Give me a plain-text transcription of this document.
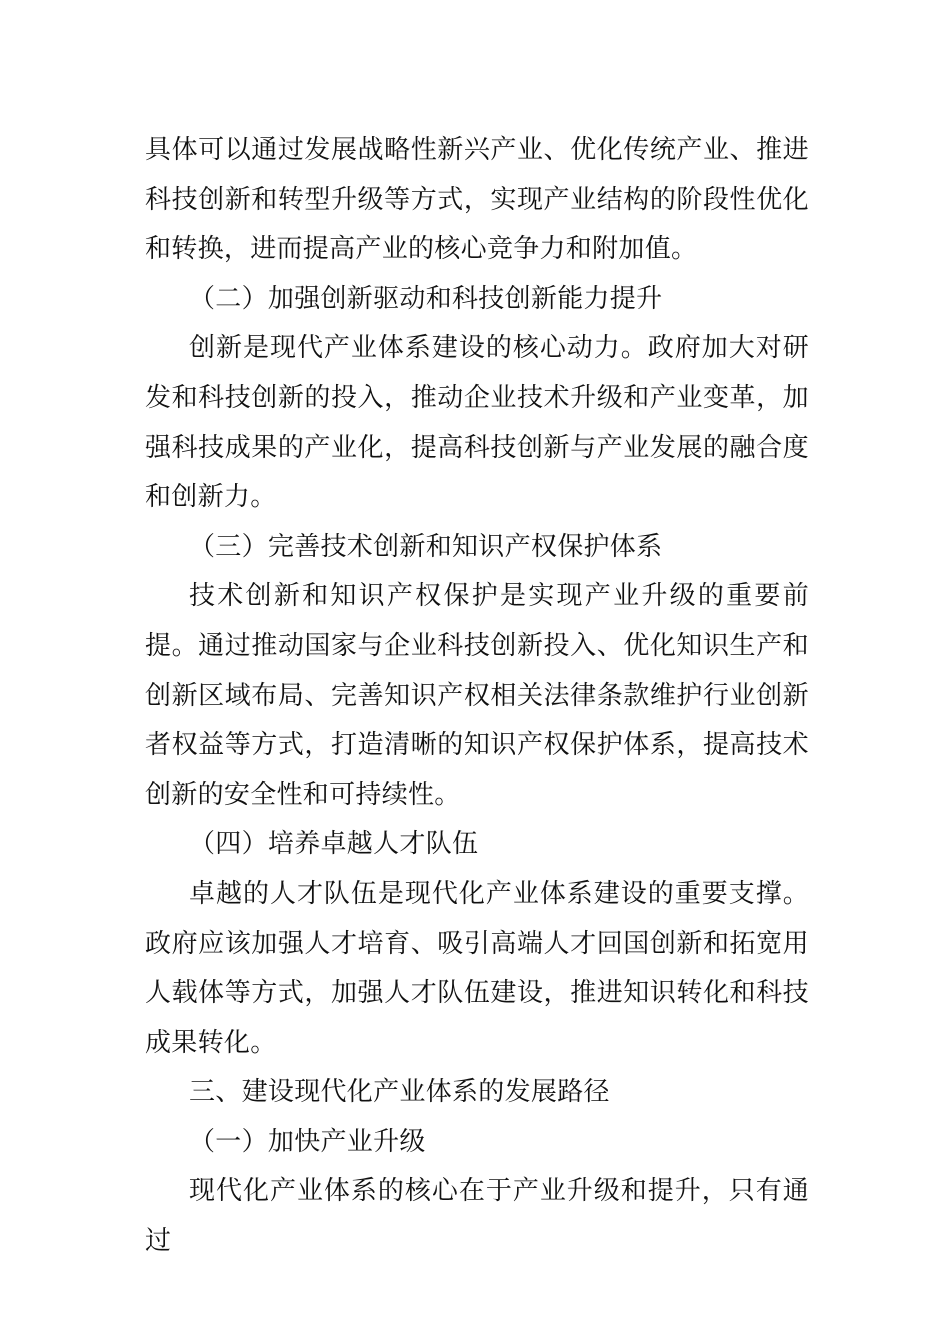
具体可以通过发展战略性新兴产业、优化传统产业、推进科技创新和转型升级等方式，实现产业结构的阶段性优化和转换，进而提高产业的核心竞争力和附加值。

（二）加强创新驱动和科技创新能力提升

创新是现代产业体系建设的核心动力。政府加大对研发和科技创新的投入，推动企业技术升级和产业变革，加强科技成果的产业化，提高科技创新与产业发展的融合度和创新力。

（三）完善技术创新和知识产权保护体系

技术创新和知识产权保护是实现产业升级的重要前提。通过推动国家与企业科技创新投入、优化知识生产和创新区域布局、完善知识产权相关法律条款维护行业创新者权益等方式，打造清晰的知识产权保护体系，提高技术创新的安全性和可持续性。

（四）培养卓越人才队伍

卓越的人才队伍是现代化产业体系建设的重要支撑。政府应该加强人才培育、吸引高端人才回国创新和拓宽用人载体等方式，加强人才队伍建设，推进知识转化和科技成果转化。

三、建设现代化产业体系的发展路径

（一）加快产业升级

现代化产业体系的核心在于产业升级和提升，只有通过
